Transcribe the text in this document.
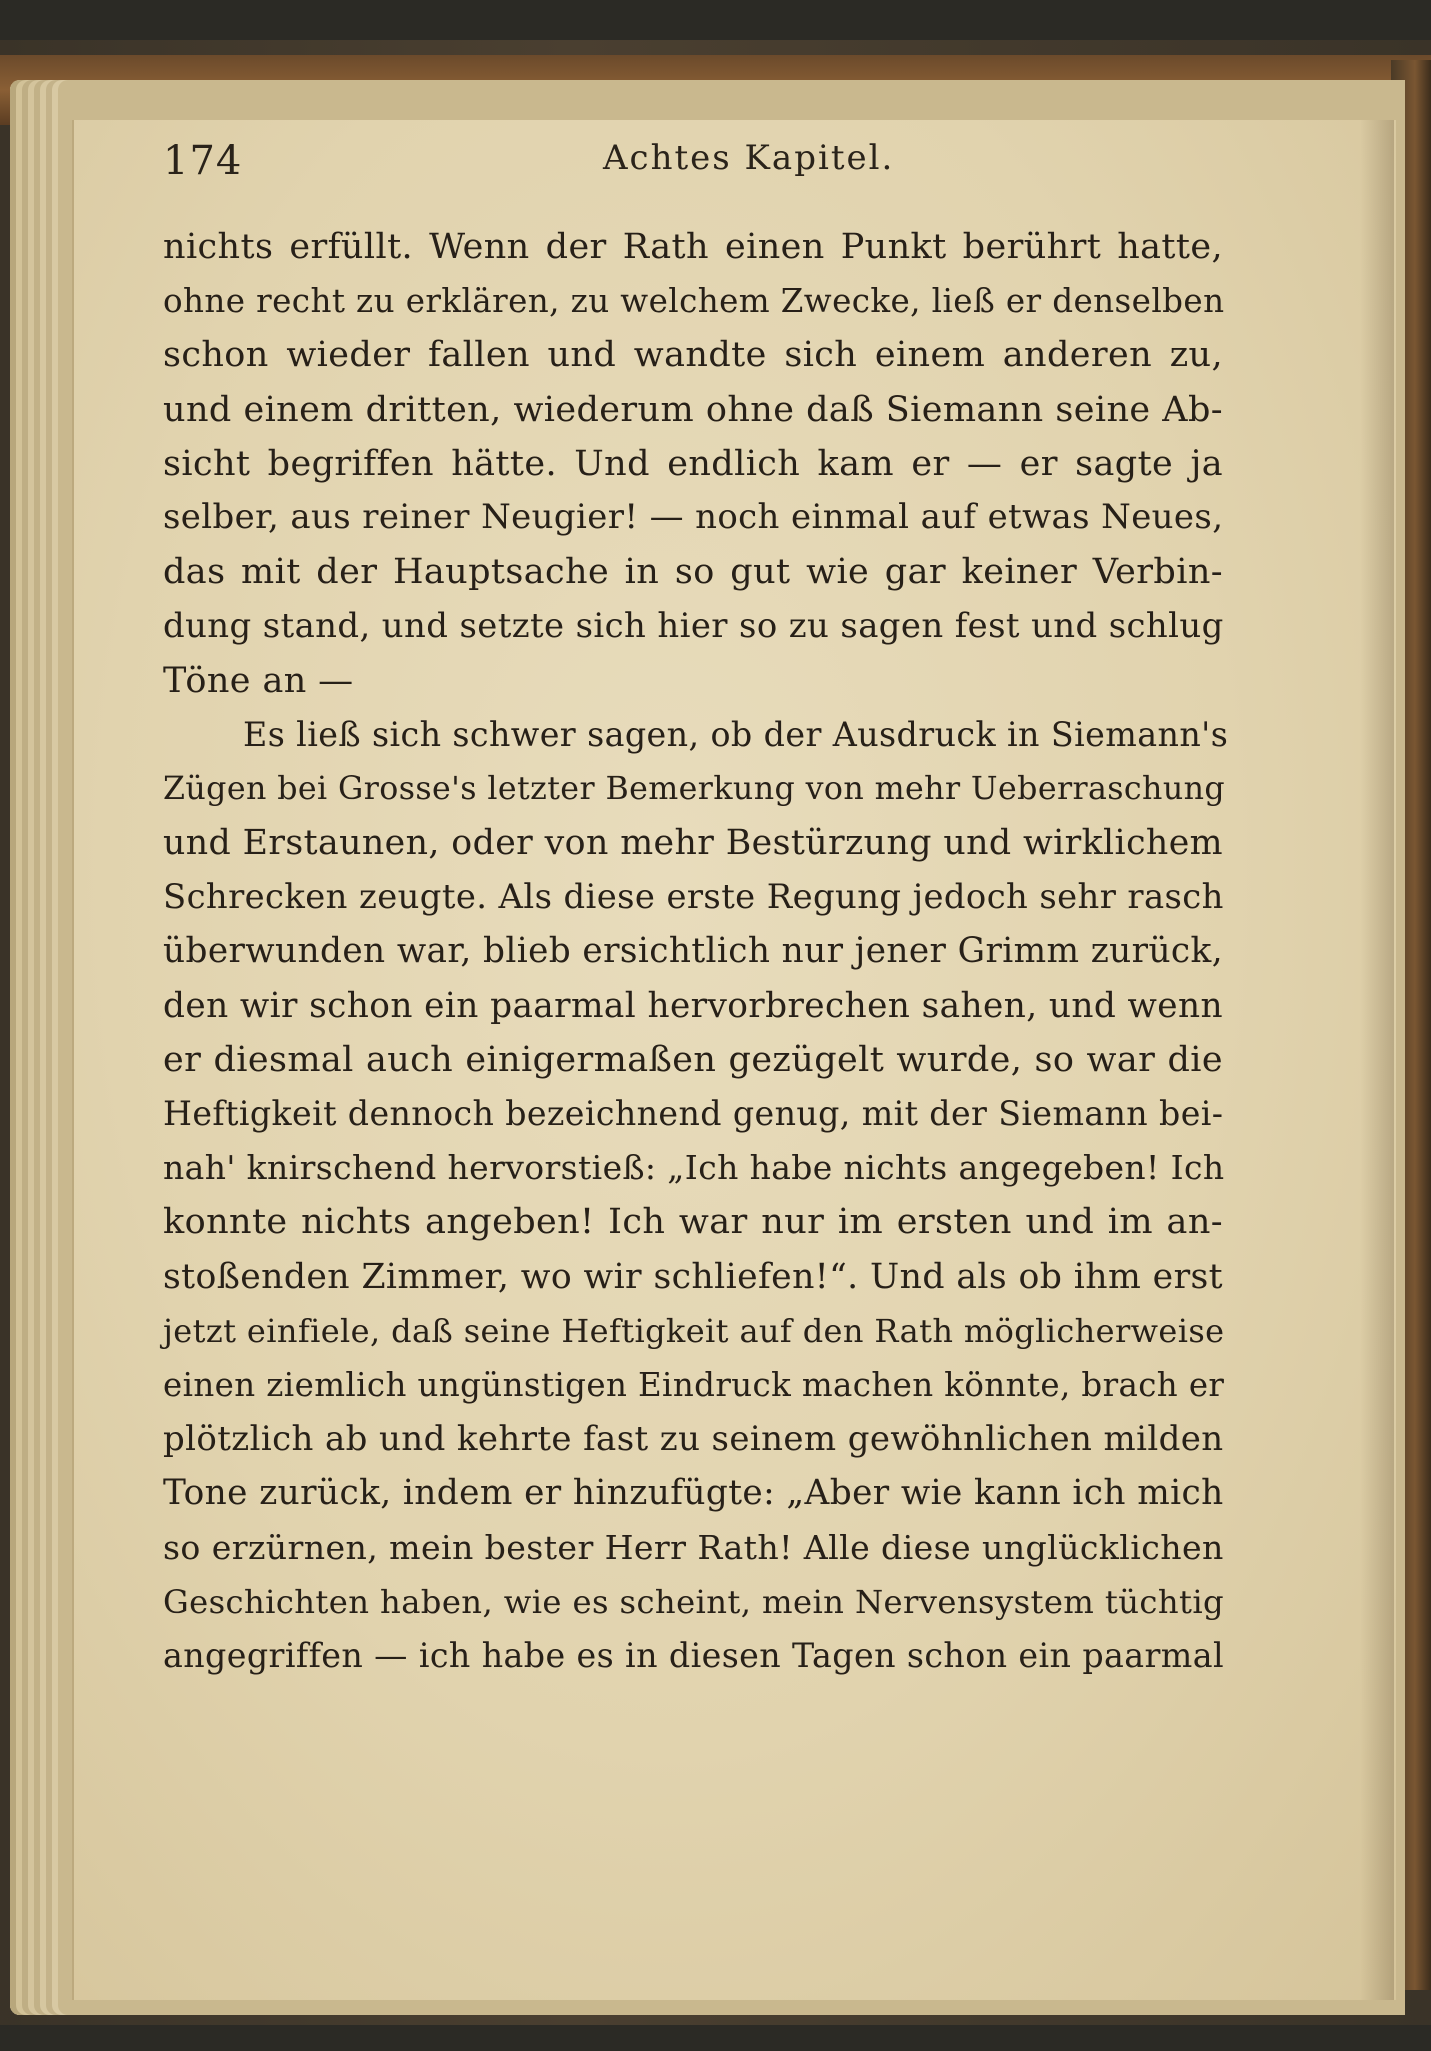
174	Achtes Kapitel.
nichts erfüllt. Wenn der Rath einen Punkt berührt hatte,
ohne recht zu erklären, zu welchem Zwecke, ließ er denselben
schon wieder fallen und wandte sich einem anderen zu,
und einem dritten, wiederum ohne daß Siemann seine Ab-
sicht begriffen hätte. Und endlich kam er — er sagte ja
selber, aus reiner Neugier! — noch einmal auf etwas Neues,
das mit der Hauptsache in so gut wie gar keiner Verbin-
dung stand, und setzte sich hier so zu sagen fest und schlug
Töne an —
Es ließ sich schwer sagen, ob der Ausdruck in Siemann's
Zügen bei Grosse's letzter Bemerkung von mehr Ueberraschung
und Erstaunen, oder von mehr Bestürzung und wirklichem
Schrecken zeugte. Als diese erste Regung jedoch sehr rasch
überwunden war, blieb ersichtlich nur jener Grimm zurück,
den wir schon ein paarmal hervorbrechen sahen, und wenn
er diesmal auch einigermaßen gezügelt wurde, so war die
Heftigkeit dennoch bezeichnend genug, mit der Siemann bei-
nah' knirschend hervorstieß: „Ich habe nichts angegeben! Ich
konnte nichts angeben! Ich war nur im ersten und im an-
stoßenden Zimmer, wo wir schliefen!“. Und als ob ihm erst
jetzt einfiele, daß seine Heftigkeit auf den Rath möglicherweise
einen ziemlich ungünstigen Eindruck machen könnte, brach er
plötzlich ab und kehrte fast zu seinem gewöhnlichen milden
Tone zurück, indem er hinzufügte: „Aber wie kann ich mich
so erzürnen, mein bester Herr Rath! Alle diese unglücklichen
Geschichten haben, wie es scheint, mein Nervensystem tüchtig
angegriffen — ich habe es in diesen Tagen schon ein paarmal
